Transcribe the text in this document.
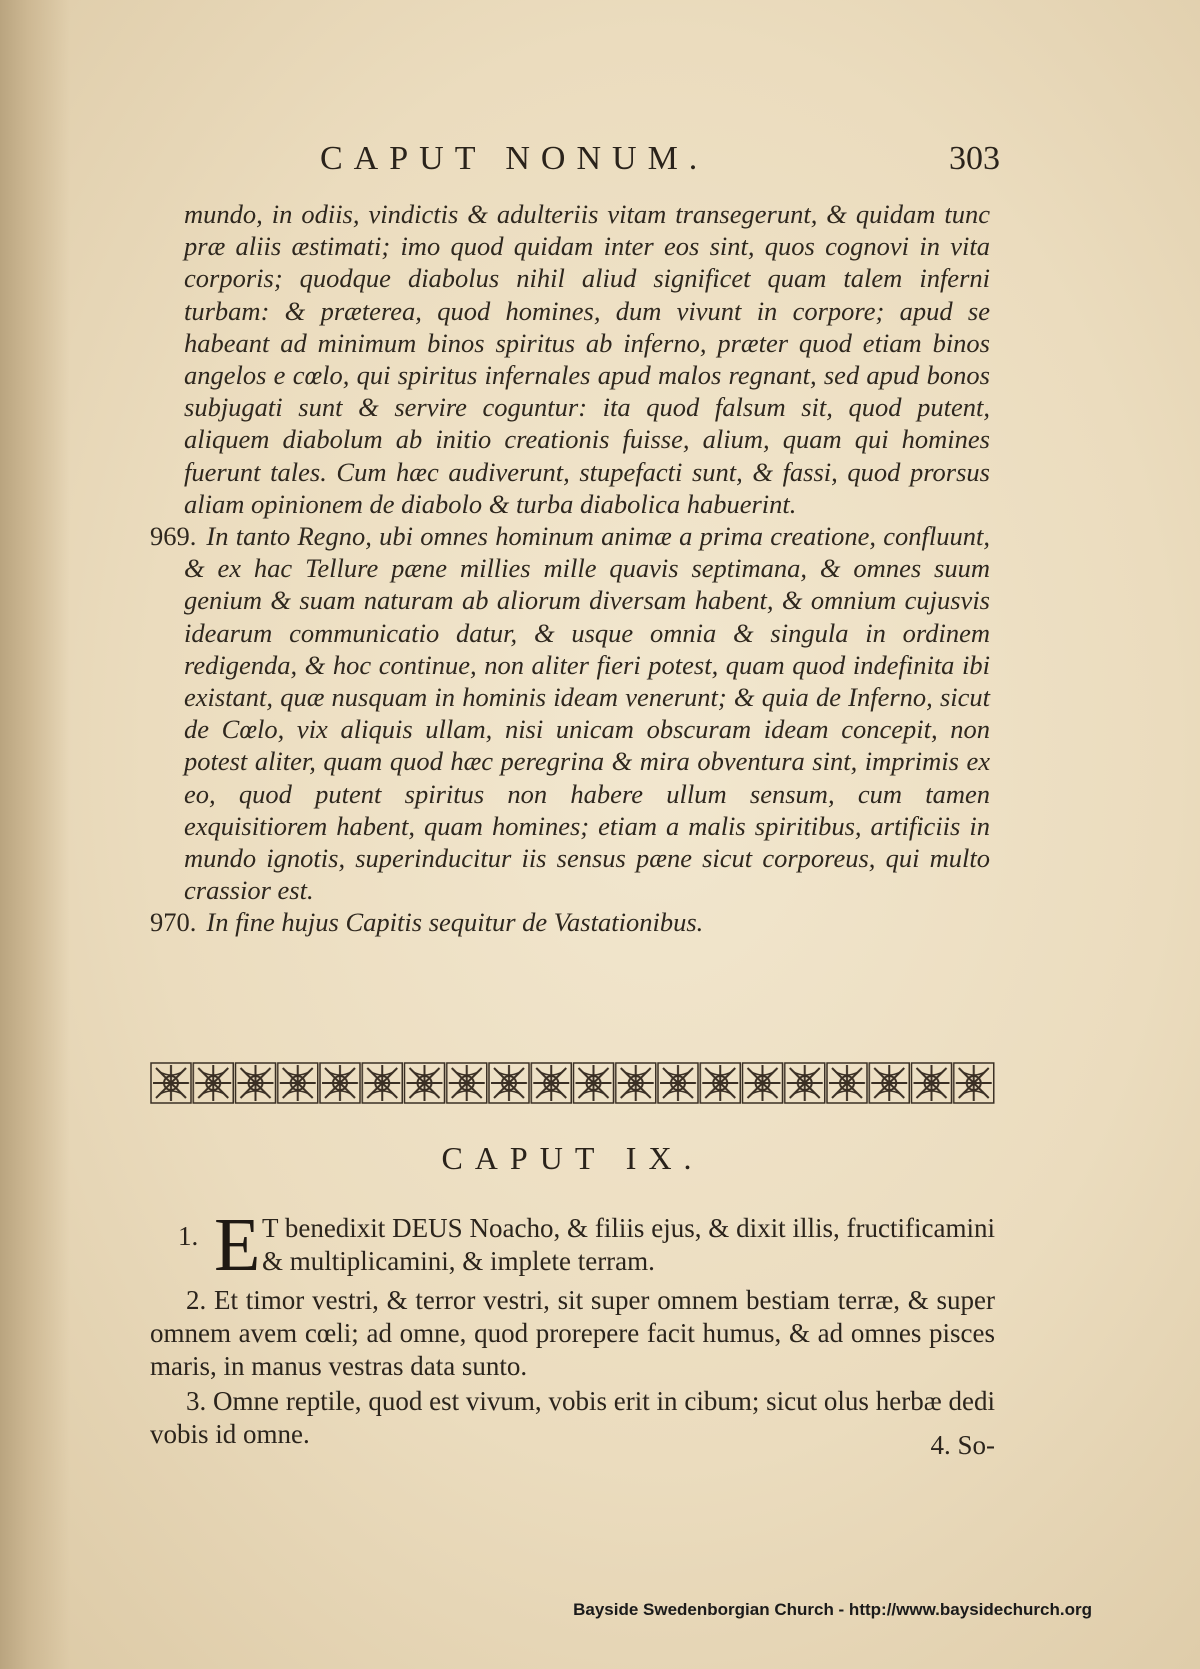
CAPUT NONUM.	303

mundo, in odiis, vindictis & adulteriis vitam transegerunt, & quidam tunc præ aliis æstimati; imo quod quidam inter eos sint, quos cognovi in vita corporis; quodque diabolus nihil aliud significet quam talem inferni turbam: & præterea, quod homines, dum vivunt in corpore; apud se habeant ad minimum binos spiritus ab inferno, præter quod etiam binos angelos e cœlo, qui spiritus infernales apud malos regnant, sed apud bonos subjugati sunt & servire coguntur: ita quod falsum sit, quod putent, aliquem diabolum ab initio creationis fuisse, alium, quam qui homines fuerunt tales. Cum hæc audiverunt, stupefacti sunt, & fassi, quod prorsus aliam opinionem de diabolo & turba diabolica habuerint.

969. In tanto Regno, ubi omnes hominum animæ a prima creatione, confluunt, & ex hac Tellure pæne millies mille quavis septimana, & omnes suum genium & suam naturam ab aliorum diversam habent, & omnium cujusvis idearum communicatio datur, & usque omnia & singula in ordinem redigenda, & hoc continue, non aliter fieri potest, quam quod indefinita ibi existant, quæ nusquam in hominis ideam venerunt; & quia de Inferno, sicut de Cœlo, vix aliquis ullam, nisi unicam obscuram ideam concepit, non potest aliter, quam quod hæc peregrina & mira obventura sint, imprimis ex eo, quod putent spiritus non habere ullum sensum, cum tamen exquisitiorem habent, quam homines; etiam a malis spiritibus, artificiis in mundo ignotis, superinducitur iis sensus pæne sicut corporeus, qui multo crassior est.

970. In fine hujus Capitis sequitur de Vastationibus.

CAPUT IX.
1. E T benedixit DEUS Noacho, & filiis ejus, & dixit illis, fructificamini & multiplicamini, & implete terram.

2. Et timor vestri, & terror vestri, sit super omnem bestiam terræ, & super omnem avem cœli; ad omne, quod prorepere facit humus, & ad omnes pisces maris, in manus vestras data sunto.

3. Omne reptile, quod est vivum, vobis erit in cibum; sicut olus herbæ dedi vobis id omne.	4. So-
Bayside Swedenborgian Church - http://www.baysidechurch.org
